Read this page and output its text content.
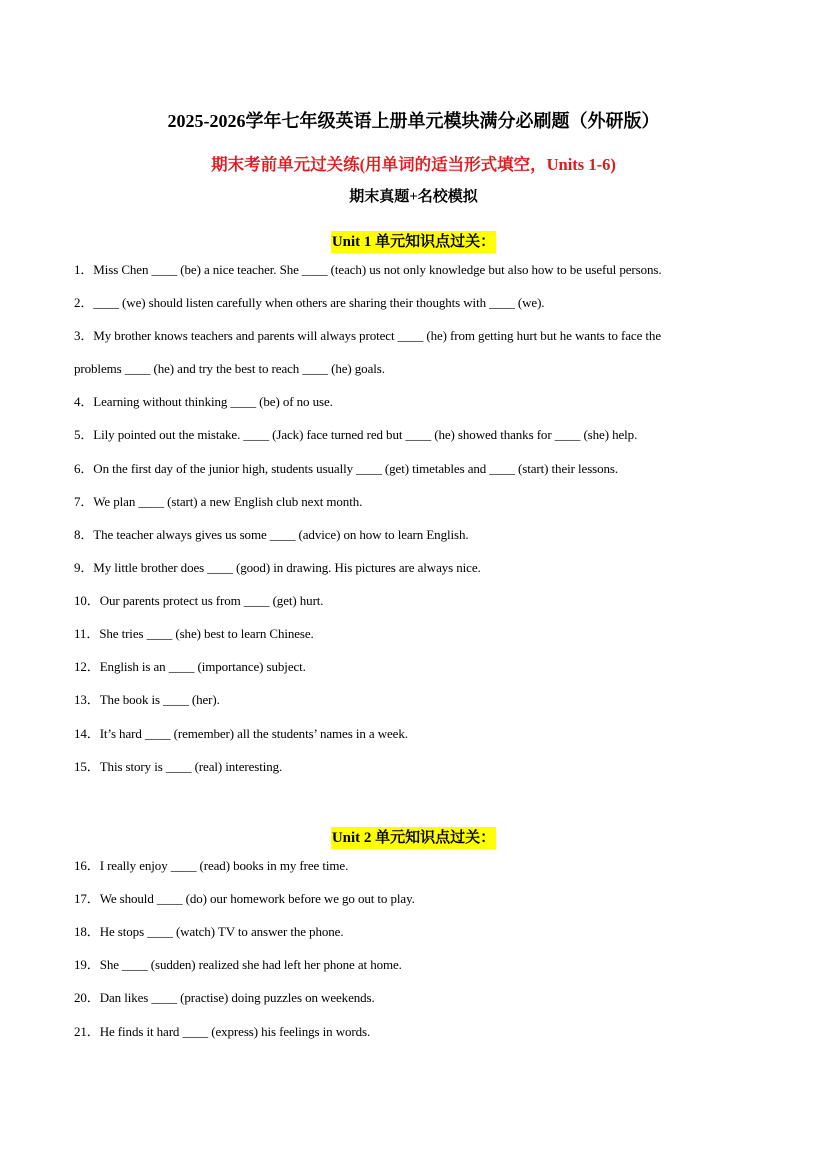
2025-2026学年七年级英语上册单元模块满分必刷题（外研版）
期末考前单元过关练(用单词的适当形式填空，Units 1-6)
期末真题+名校模拟
Unit 1 单元知识点过关：
1．Miss Chen ____ (be) a nice teacher. She ____ (teach) us not only knowledge but also how to be useful persons.
2．____ (we) should listen carefully when others are sharing their thoughts with ____ (we).
3．My brother knows teachers and parents will always protect ____ (he) from getting hurt but he wants to face the
problems ____ (he) and try the best to reach ____ (he) goals.
4．Learning without thinking ____ (be) of no use.
5．Lily pointed out the mistake. ____ (Jack) face turned red but ____ (he) showed thanks for ____ (she) help.
6．On the first day of the junior high, students usually ____ (get) timetables and ____ (start) their lessons.
7．We plan ____ (start) a new English club next month.
8．The teacher always gives us some ____ (advice) on how to learn English.
9．My little brother does ____ (good) in drawing. His pictures are always nice.
10．Our parents protect us from ____ (get) hurt.
11．She tries ____ (she) best to learn Chinese.
12．English is an ____ (importance) subject.
13．The book is ____ (her).
14．It’s hard ____ (remember) all the students’ names in a week.
15．This story is ____ (real) interesting.
Unit 2 单元知识点过关：
16．I really enjoy ____ (read) books in my free time.
17．We should ____ (do) our homework before we go out to play.
18．He stops ____ (watch) TV to answer the phone.
19．She ____ (sudden) realized she had left her phone at home.
20．Dan likes ____ (practise) doing puzzles on weekends.
21．He finds it hard ____ (express) his feelings in words.
